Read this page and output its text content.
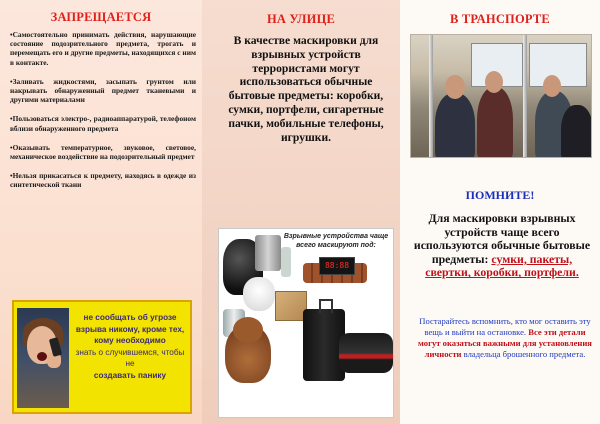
ЗАПРЕЩАЕТСЯ

•Самостоятельно принимать действия, нарушающие состояние подозрительного предмета, трогать и перемещать его и другие предметы, находящихся с ним в контакте.

•Заливать жидкостями, засыпать грунтом или накрывать обнаруженный предмет тканевыми и другими материалами

•Пользоваться электро-, радиоаппаратурой, телефоном вблизи обнаруженного предмета

•Оказывать температурное, звуковое, световое, механическое воздействие на подозрительный предмет

•Нельзя прикасаться к предмету, находясь в одежде из синтетической ткани

не сообщать об угрозе взрыва никому, кроме тех, кому необходимо
знать о случившемся, чтобы не
создавать панику
НА УЛИЦЕ
В качестве маскировки для взрывных устройств террористами могут использоваться обычные бытовые предметы: коробки, сумки, портфели, сигаретные пачки, мобильные телефоны, игрушки.
Взрывные устройства чаще всего маскируют под:
88:88
В ТРАНСПОРТЕ
ПОМНИТЕ!
Для маскировки взрывных устройств чаще всего используются обычные бытовые предметы: сумки, пакеты, свертки, коробки, портфели.
Постарайтесь вспомнить, кто мог оставить эту вещь и выйти на остановке. Все эти детали могут оказаться важными для установления личности владельца брошенного предмета.
